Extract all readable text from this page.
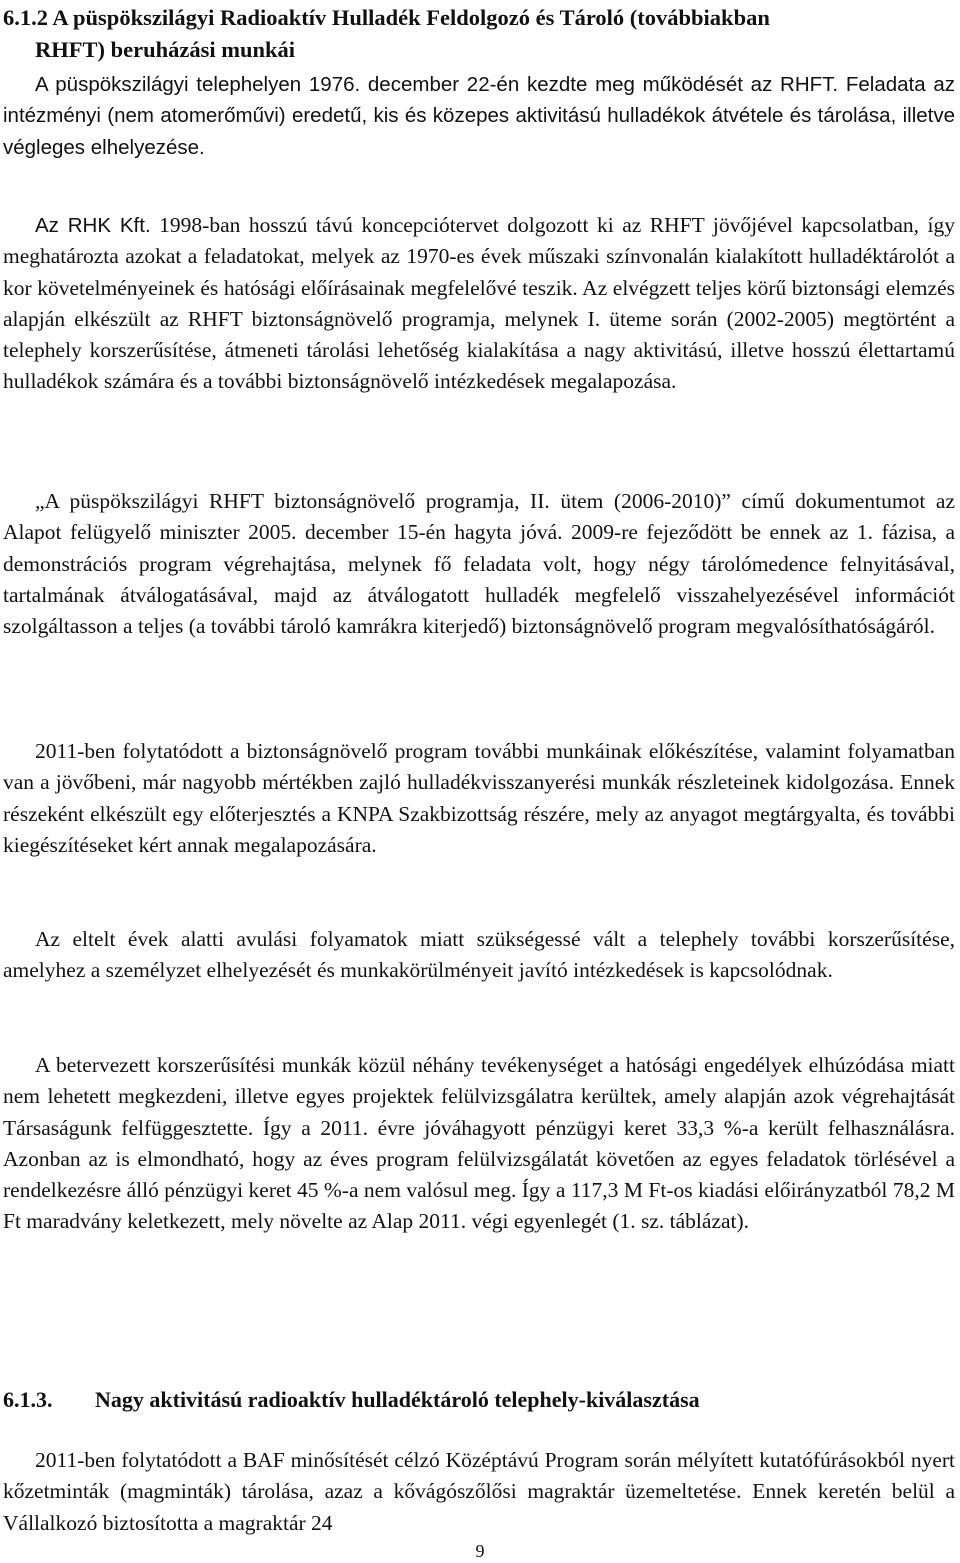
6.1.2 A püspökszilágyi Radioaktív Hulladék Feldolgozó és Tároló (továbbiakban
RHFT) beruházási munkái

A püspökszilágyi telephelyen 1976. december 22-én kezdte meg működését az RHFT. Feladata az intézményi (nem atomerőművi) eredetű, kis és közepes aktivitású hulladékok átvétele és tárolása, illetve végleges elhelyezése.

Az RHK Kft. 1998-ban hosszú távú koncepciótervet dolgozott ki az RHFT jövőjével kapcsolatban, így meghatározta azokat a feladatokat, melyek az 1970-es évek műszaki színvonalán kialakított hulladéktárolót a kor követelményeinek és hatósági előírásainak megfelelővé teszik. Az elvégzett teljes körű biztonsági elemzés alapján elkészült az RHFT biztonságnövelő programja, melynek I. üteme során (2002-2005) megtörtént a telephely korszerűsítése, átmeneti tárolási lehetőség kialakítása a nagy aktivitású, illetve hosszú élettartamú hulladékok számára és a további biztonságnövelő intézkedések megalapozása.

„A püspökszilágyi RHFT biztonságnövelő programja, II. ütem (2006-2010)” című dokumentumot az Alapot felügyelő miniszter 2005. december 15-én hagyta jóvá. 2009-re fejeződött be ennek az 1. fázisa, a demonstrációs program végrehajtása, melynek fő feladata volt, hogy négy tárolómedence felnyitásával, tartalmának átválogatásával, majd az átválogatott hulladék megfelelő visszahelyezésével információt szolgáltasson a teljes (a további tároló kamrákra kiterjedő) biztonságnövelő program megvalósíthatóságáról.

2011-ben folytatódott a biztonságnövelő program további munkáinak előkészítése, valamint folyamatban van a jövőbeni, már nagyobb mértékben zajló hulladékvisszanyerési munkák részleteinek kidolgozása. Ennek részeként elkészült egy előterjesztés a KNPA Szakbizottság részére, mely az anyagot megtárgyalta, és további kiegészítéseket kért annak megalapozására.

Az eltelt évek alatti avulási folyamatok miatt szükségessé vált a telephely további korszerűsítése, amelyhez a személyzet elhelyezését és munkakörülményeit javító intézkedések is kapcsolódnak.

A betervezett korszerűsítési munkák közül néhány tevékenységet a hatósági engedélyek elhúzódása miatt nem lehetett megkezdeni, illetve egyes projektek felülvizsgálatra kerültek, amely alapján azok végrehajtását Társaságunk felfüggesztette. Így a 2011. évre jóváhagyott pénzügyi keret 33,3 %-a került felhasználásra. Azonban az is elmondható, hogy az éves program felülvizsgálatát követően az egyes feladatok törlésével a rendelkezésre álló pénzügyi keret 45 %-a nem valósul meg. Így a 117,3 M Ft-os kiadási előirányzatból 78,2 M Ft maradvány keletkezett, mely növelte az Alap 2011. végi egyenlegét (1. sz. táblázat).

6.1.3. Nagy aktivitású radioaktív hulladéktároló telephely-kiválasztása

2011-ben folytatódott a BAF minősítését célzó Középtávú Program során mélyített kutatófúrásokból nyert kőzetminták (magminták) tárolása, azaz a kővágószőlősi magraktár üzemeltetése. Ennek keretén belül a Vállalkozó biztosította a magraktár 24

9
